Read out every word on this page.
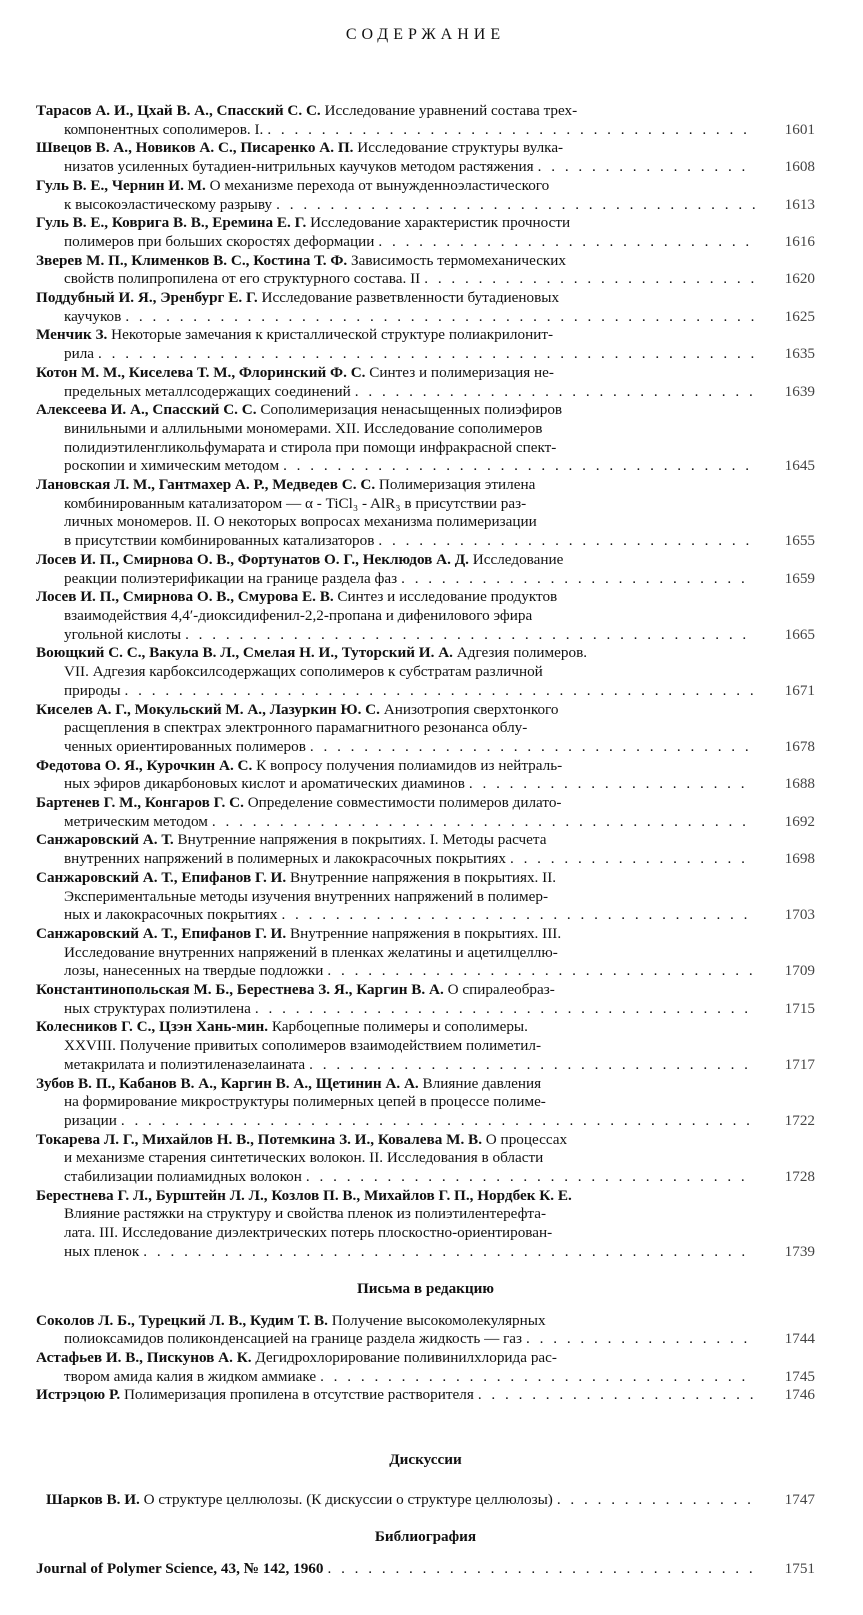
СОДЕРЖАНИЕ
Тарасов А. И., Цхай В. А., Спасский С. С. Исследование уравнений состава трех-
компонентных сополимеров. I. . . .	1601
Швецов В. А., Новиков А. С., Писаренко А. П. Исследование структуры вулка-
низатов усиленных бутадиен-нитрильных каучуков методом растяжения . . .	1608
Гуль В. Е., Чернин И. М. О механизме перехода от вынужденноэластического
к высокоэластическому разрыву . . .	1613
Гуль В. Е., Коврига В. В., Еремина Е. Г. Исследование характеристик прочности
полимеров при больших скоростях деформации . . .	1616
Зверев М. П., Клименков В. С., Костина Т. Ф. Зависимость термомеханических
свойств полипропилена от его структурного состава. II . . .	1620
Поддубный И. Я., Эренбург Е. Г. Исследование разветвленности бутадиеновых
каучуков . . .	1625
Менчик З. Некоторые замечания к кристаллической структуре полиакрилонит-
рила . . .	1635
Котон М. М., Киселева Т. М., Флоринский Ф. С. Синтез и полимеризация не-
предельных металлсодержащих соединений . . .	1639
Алексеева И. А., Спасский С. С. Сополимеризация ненасыщенных полиэфиров
винильными и аллильными мономерами. XII. Исследование сополимеров
полидиэтиленгликольфумарата и стирола при помощи инфракрасной спект-
роскопии и химическим методом . . .	1645
Лановская Л. М., Гантмахер А. Р., Медведев С. С. Полимеризация этилена
комбинированным катализатором — α - TiCl₃ - AlR₃ в присутствии раз-
личных мономеров. II. О некоторых вопросах механизма полимеризации
в присутствии комбинированных катализаторов . . .	1655
Лосев И. П., Смирнова О. В., Фортунатов О. Г., Неклюдов А. Д. Исследование
реакции полиэтерификации на границе раздела фаз . . .	1659
Лосев И. П., Смирнова О. В., Смурова Е. В. Синтез и исследование продуктов
взаимодействия 4,4′-диоксидифенил-2,2-пропана и дифенилового эфира
угольной кислоты . . .	1665
Воющкий С. С., Вакула В. Л., Смелая Н. И., Туторский И. А. Адгезия полимеров.
VII. Адгезия карбоксилсодержащих сополимеров к субстратам различной
природы . . .	1671
Киселев А. Г., Мокульский М. А., Лазуркин Ю. С. Анизотропия сверхтонкого
расщепления в спектрах электронного парамагнитного резонанса облу-
ченных ориентированных полимеров . . .	1678
Федотова О. Я., Курочкин А. С. К вопросу получения полиамидов из нейтраль-
ных эфиров дикарбоновых кислот и ароматических диаминов . . .	1688
Бартенев Г. М., Конгаров Г. С. Определение совместимости полимеров дилато-
метрическим методом . . .	1692
Санжаровский А. Т. Внутренние напряжения в покрытиях. I. Методы расчета
внутренних напряжений в полимерных и лакокрасочных покрытиях . . .	1698
Санжаровский А. Т., Епифанов Г. И. Внутренние напряжения в покрытиях. II.
Экспериментальные методы изучения внутренних напряжений в полимер-
ных и лакокрасочных покрытиях . . .	1703
Санжаровский А. Т., Епифанов Г. И. Внутренние напряжения в покрытиях. III.
Исследование внутренних напряжений в пленках желатины и ацетилцеллю-
лозы, нанесенных на твердые подложки . . .	1709
Константинопольская М. Б., Берестнева З. Я., Каргин В. А. О спиралеобраз-
ных структурах полиэтилена . . .	1715
Колесников Г. С., Цзэн Хань-мин. Карбоцепные полимеры и сополимеры.
XXVIII. Получение привитых сополимеров взаимодействием полиметил-
метакрилата и полиэтиленазелаината . . .	1717
Зубов В. П., Кабанов В. А., Каргин В. А., Щетинин А. А. Влияние давления
на формирование микроструктуры полимерных цепей в процессе полиме-
ризации . . .	1722
Токарева Л. Г., Михайлов Н. В., Потемкина З. И., Ковалева М. В. О процессах
и механизме старения синтетических волокон. II. Исследования в области
стабилизации полиамидных волокон . . .	1728
Берестнева Г. Л., Бурштейн Л. Л., Козлов П. В., Михайлов Г. П., Нордбек К. Е.
Влияние растяжки на структуру и свойства пленок из полиэтилентерефта-
лата. III. Исследование диэлектрических потерь плоскостно-ориентирован-
ных пленок . . .	1739
Письма в редакцию
Соколов Л. Б., Турецкий Л. В., Кудим Т. В. Получение высокомолекулярных
полиоксамидов поликонденсацией на границе раздела жидкость — газ . . .	1744
Астафьев И. В., Пискунов А. К. Дегидрохлорирование поливинилхлорида рас-
твором амида калия в жидком аммиаке . . .	1745
Истрэцою Р. Полимеризация пропилена в отсутствие растворителя . . .	1746
Дискуссии
Шарков В. И. О структуре целлюлозы. (К дискуссии о структуре целлюлозы) . . .	1747
Библиография
Journal of Polymer Science, 43, № 142, 1960 . . .	1751
